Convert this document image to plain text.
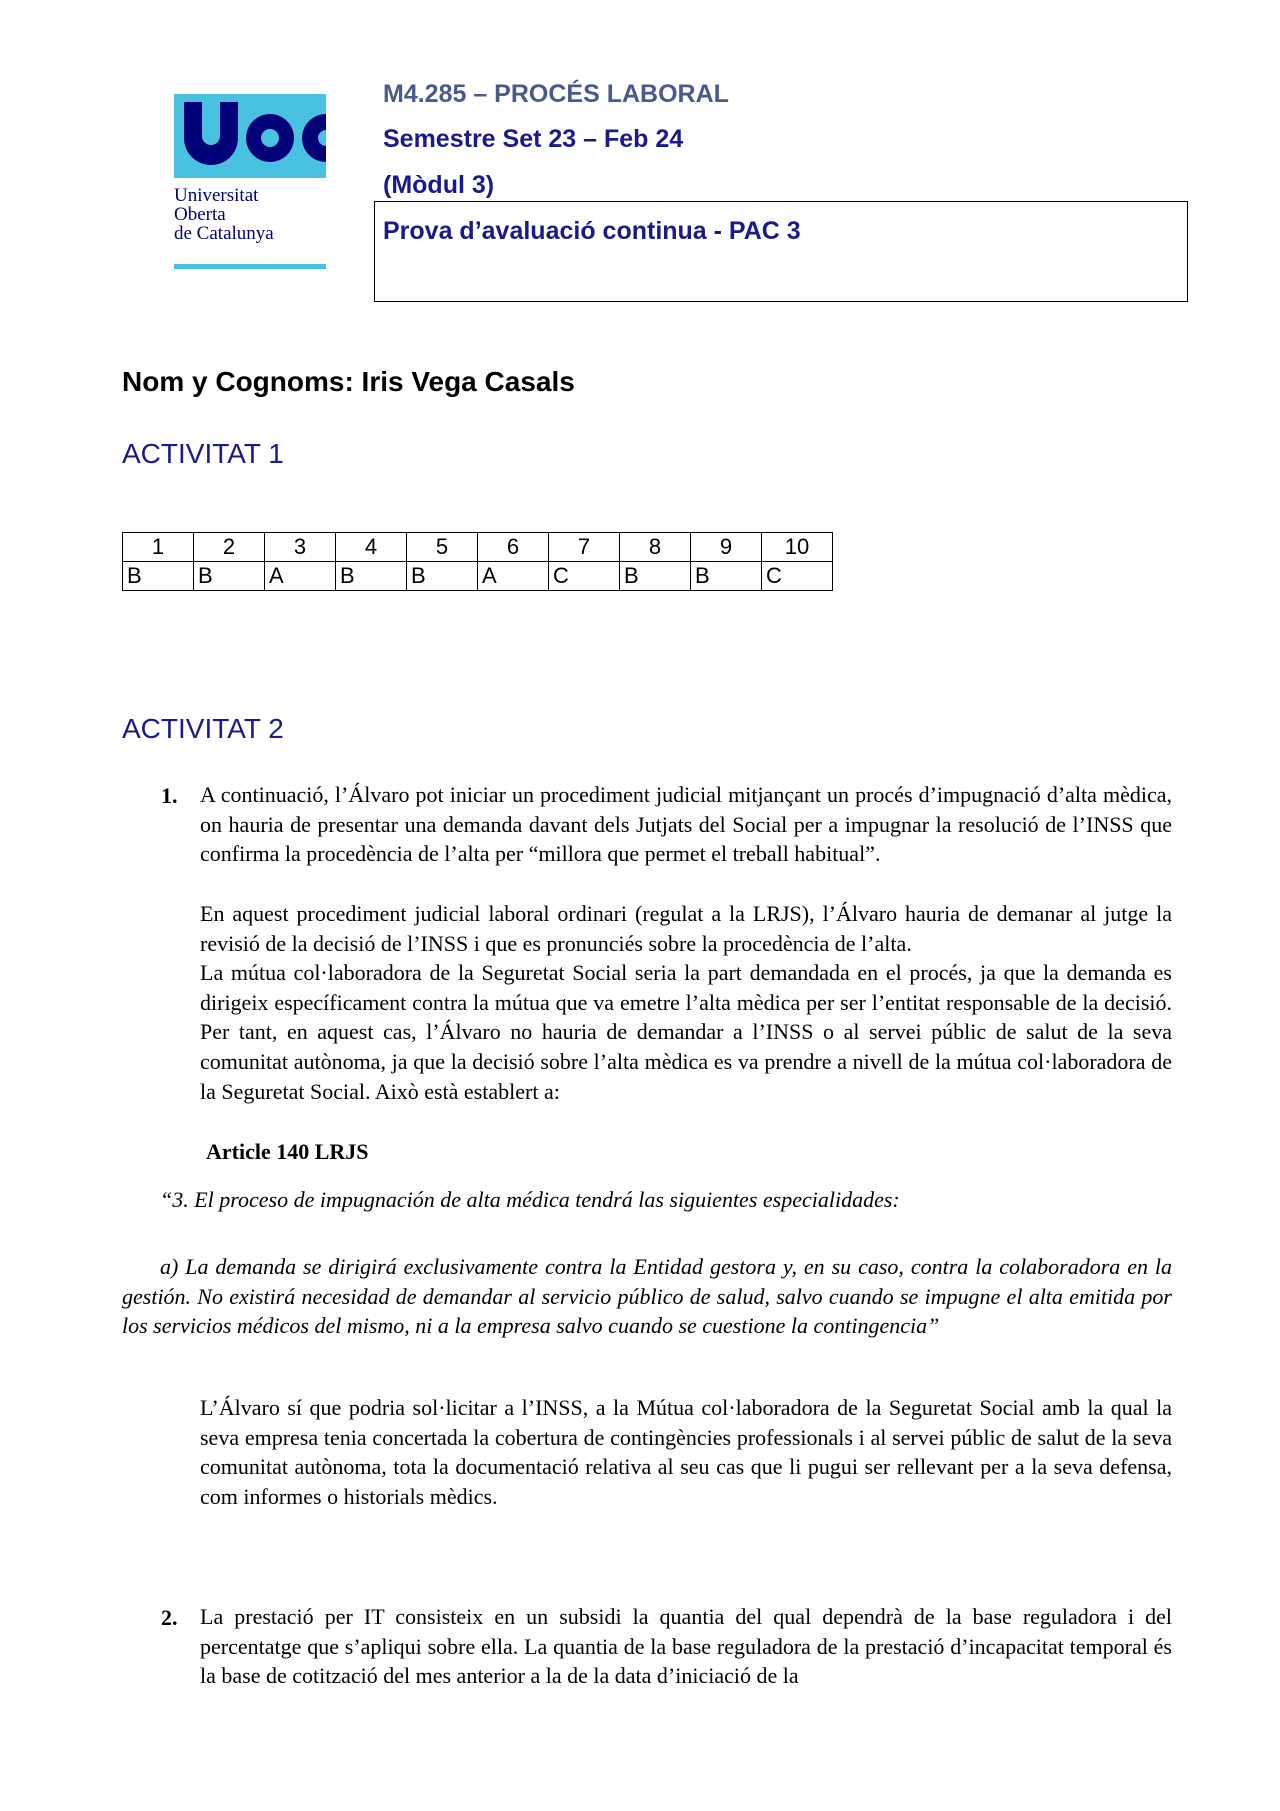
Universitat
Oberta
de Catalunya
M4.285 – PROCÉS LABORAL
Semestre Set 23 – Feb 24
(Mòdul 3)
Prova d’avaluació continua - PAC 3
Nom y Cognoms: Iris Vega Casals
ACTIVITAT 1
1	2	3	4	5	6	7	8	9	10
B	B	A	B	B	A	C	B	B	C
ACTIVITAT 2
1. A continuació, l’Álvaro pot iniciar un procediment judicial mitjançant un procés d’impugnació d’alta mèdica, on hauria de presentar una demanda davant dels Jutjats del Social per a impugnar la resolució de l’INSS que confirma la procedència de l’alta per “millora que permet el treball habitual”.
En aquest procediment judicial laboral ordinari (regulat a la LRJS), l’Álvaro hauria de demanar al jutge la revisió de la decisió de l’INSS i que es pronunciés sobre la procedència de l’alta.
La mútua col·laboradora de la Seguretat Social seria la part demandada en el procés, ja que la demanda es dirigeix específicament contra la mútua que va emetre l’alta mèdica per ser l’entitat responsable de la decisió. Per tant, en aquest cas, l’Álvaro no hauria de demandar a l’INSS o al servei públic de salut de la seva comunitat autònoma, ja que la decisió sobre l’alta mèdica es va prendre a nivell de la mútua col·laboradora de la Seguretat Social. Això està establert a:
Article 140 LRJS
“3. El proceso de impugnación de alta médica tendrá las siguientes especialidades:
a) La demanda se dirigirá exclusivamente contra la Entidad gestora y, en su caso, contra la colaboradora en la gestión. No existirá necesidad de demandar al servicio público de salud, salvo cuando se impugne el alta emitida por los servicios médicos del mismo, ni a la empresa salvo cuando se cuestione la contingencia”
L’Álvaro sí que podria sol·licitar a l’INSS, a la Mútua col·laboradora de la Seguretat Social amb la qual la seva empresa tenia concertada la cobertura de contingències professionals i al servei públic de salut de la seva comunitat autònoma, tota la documentació relativa al seu cas que li pugui ser rellevant per a la seva defensa, com informes o historials mèdics.
2. La prestació per IT consisteix en un subsidi la quantia del qual dependrà de la base reguladora i del percentatge que s’apliqui sobre ella. La quantia de la base reguladora de la prestació d’incapacitat temporal és la base de cotització del mes anterior a la de la data d’iniciació de la
